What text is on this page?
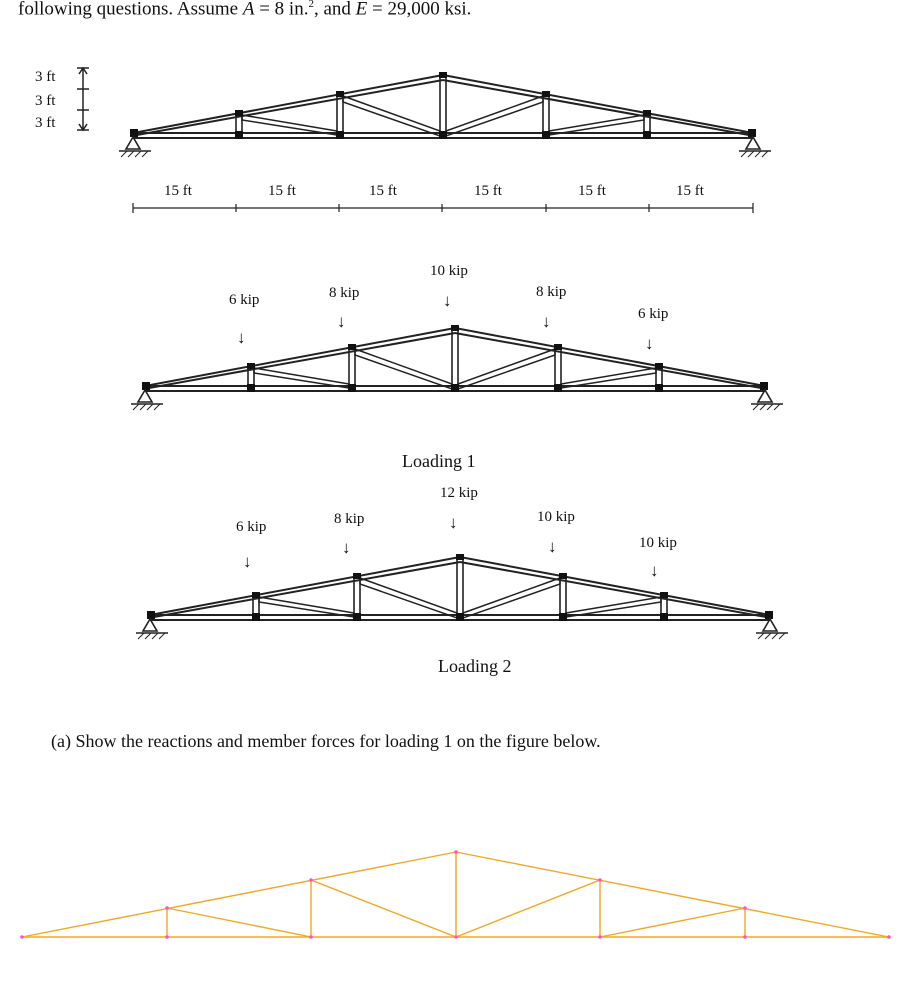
following questions. Assume A = 8 in.$^2$, and E = 29,000 ksi.
3 ft
3 ft
3 ft
15 ft	15 ft	15 ft	15 ft	15 ft	15 ft
6 kip	8 kip
10 kip
8 kip
6 kip
↓
↓
↓
↓
↓
Loading 1
6 kip	8 kip
12 kip
10 kip
10 kip
↓
↓
↓
↓
↓
Loading 2
(a) Show the reactions and member forces for loading 1 on the figure below.
